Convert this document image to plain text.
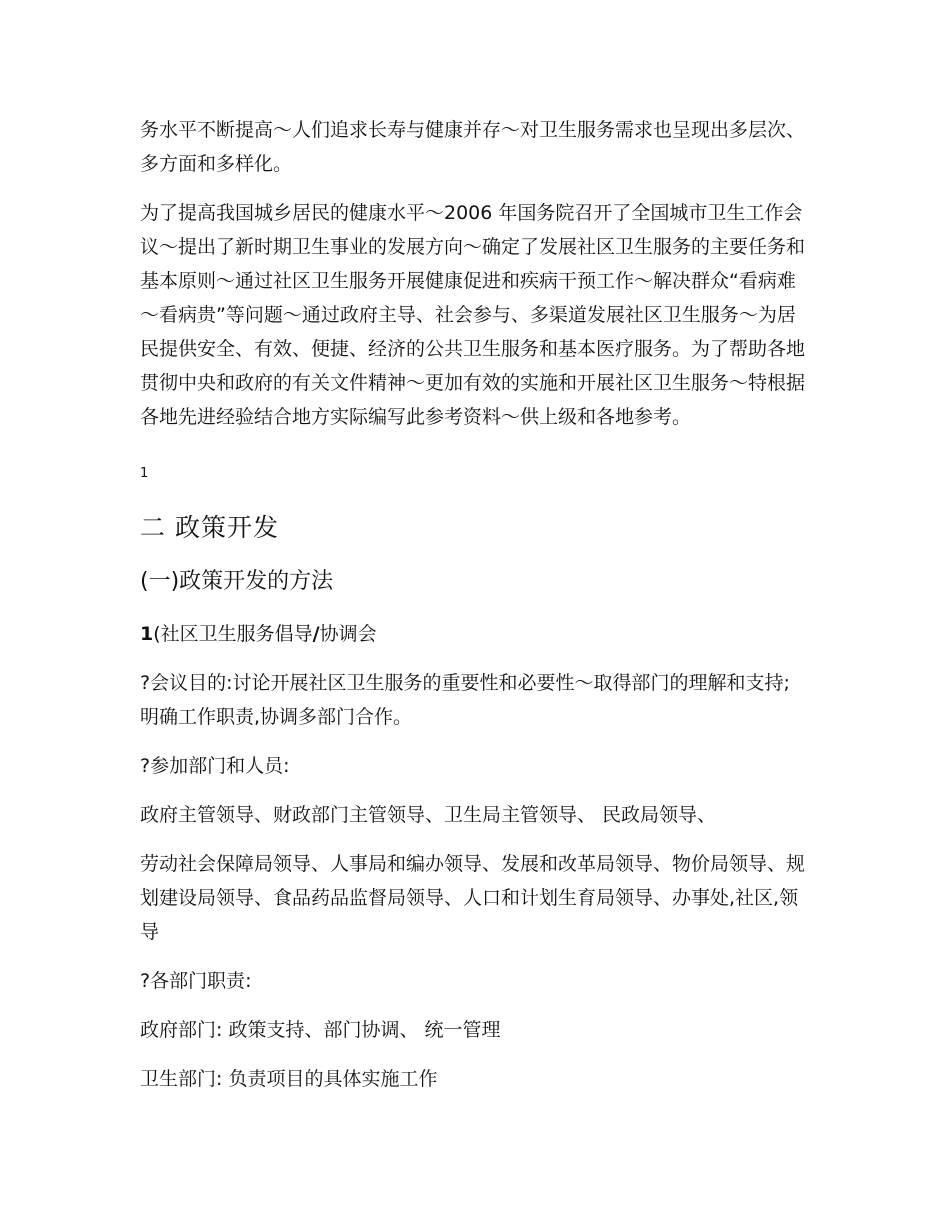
务水平不断提高～人们追求长寿与健康并存～对卫生服务需求也呈现出多层次、多方面和多样化。

为了提高我国城乡居民的健康水平～2006 年国务院召开了全国城市卫生工作会议～提出了新时期卫生事业的发展方向～确定了发展社区卫生服务的主要任务和基本原则～通过社区卫生服务开展健康促进和疾病干预工作～解决群众“看病难～看病贵”等问题～通过政府主导、社会参与、多渠道发展社区卫生服务～为居民提供安全、有效、便捷、经济的公共卫生服务和基本医疗服务。为了帮助各地贯彻中央和政府的有关文件精神～更加有效的实施和开展社区卫生服务～特根据各地先进经验结合地方实际编写此参考资料～供上级和各地参考。

1
二 政策开发
(一)政策开发的方法
1(社区卫生服务倡导/协调会

?会议目的:讨论开展社区卫生服务的重要性和必要性～取得部门的理解和支持; 明确工作职责,协调多部门合作。

?参加部门和人员:

政府主管领导、财政部门主管领导、卫生局主管领导、 民政局领导、

劳动社会保障局领导、人事局和编办领导、发展和改革局领导、物价局领导、规划建设局领导、食品药品监督局领导、人口和计划生育局领导、办事处,社区,领导

?各部门职责:

政府部门: 政策支持、部门协调、 统一管理

卫生部门: 负责项目的具体实施工作
